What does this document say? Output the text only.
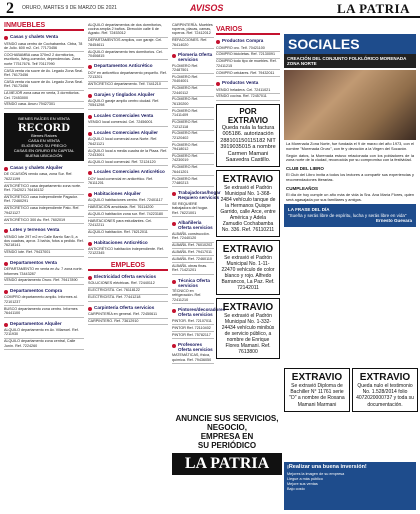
2 ORURO, MARTES 9 DE MARZO DE 2021	AVISOS	LA PATRIA
INMUEBLES
Casas y chalets Venta
VENDO casa centro de Cochabamba. Cbba, 78 de Julio. 600 m2. Cel. 77173456
COCHABAMBA casa 370m2 2 dormitorios, escritorio, living-comedor, dependencias. Zona norte 77517676. Telf 70117990
CASA venta vía sucre de Av. Legado Zona Seal. Ref. 76173456
CASA venta vía sucre de Av. Legado Zona Seal. Ref. 76173456
LA MEJOR zona casa en venta, 3 dormitorios. Cel. 72453000
VENDO casa. Anuru 79427301
BIENES RAÍCES EN VENTA
RECORD
Bienes Raíces
CASA EN VENTA
ELIGIENDO SU PRECIO
CASAS EN ORURO EN CAPITAL
BUENA UBICACIÓN
Casas y chalets Alquiler
DE OCASIÓN vendo casa, zona Sur. Ref. 76221199
ANTICRÉTICO casa departamento zona norte. Ref. 7342021 76416132
ANTICRETICO casa independiente Pagador. Ref. 72460291
ANTICRETICO casa independiente Pato. Ref. 79421127
ANTICRÉTICO 300 Av. Ref. 7602019
Lotes y terrenos Venta
VENDO lote 297 m2 en Calle Barrio San 5, a dos cuadras, aprox. 3 bahía, fotos a pedido. Ref. 76218141
VENDO lote. Ref. 79437001
Departamentos Venta
DEPARTAMENTO en venta en Av. 7 zona norte. Informes 73443287
VENDO departamento Oruro. Ref. 79417890
Departamentos Compra
COMPRO departamento amplio. Informes al. 72101237
BUSCO departamento zona centro. Informes 76441100
Departamentos Alquiler
ALQUILO departamento en Av. Villarroel. Ref. 7211930
ALQUILO departamento zona central, Calle Junín. Ref. 7224260
ALQUILO departamentos de dos dormitorios, cocina amplia 2 baños. Dirección calle 6 de Agosto. Ref. 72453012
DEPARTAMENTOS amplios, con garaje. Cel. 78454611
ALQUILO departamento tres dormitorios. Cel. 70406815
Departamentos Anticrético
DOY en anticrético departamento pequeño. Ref. 7213201
ANTICRETICO departamento. Telf. 7441210
Garajes y tinglados Alquiler
ALQUILO garaje amplio centro ciudad. Ref. 70541298
Locales Comerciales Venta
VENDO local comercial. Cel. 72456001
Locales Comerciales Alquiler
ALQUILO local comercial zona Norte. Ref. 76421121
ALQUILO local a media cuadra de la Plaza. Ref. 72433001
ALQUILO local comercial. Ref. 72124120
Locales Comerciales Anticrético
DOY local comercial en anticrético. Ref. 76111201
Habitaciones Alquiler
ALQUILO habitaciones centro. Ref. 72401117
HABITACIÓN amoblada. Ref. 76114200
ALQUILO habitación zona sur. Ref. 74223180
HABITACIONES para estudiantes. Cel. 72412211
ALQUILO habitación. Ref. 76212011
Habitaciones Anticrético
ANTICRÉTICO habitación independiente. Ref. 72122345
EMPLEOS
Electricidad Oferta servicios
SOLUCIONES eléctricas. Ref. 72440112
ELECTRICISTA. Cel. 76118122
ELECTRICISTA. Ref. 77441218
Carpintería Oferta servicios
CARPINTERÍA en general. Ref. 72450611
CARPINTERO. Ref. 73612910
CARPINTERÍA. Muebles roperos, placas, camas, roperos. Ref. 72412012
REFACCIONES. Ref. 76414020
Plomería Oferta servicios
PLOMERO Ref. 72487501
PLOMERO Ref. 70404001
PLOMERO Ref. 72440112
PLOMERO Ref. 76130200
PLOMERO Ref. 71411409
PLOMERO Ref. 71212118
PLOMERO Ref. 72120402
PLOMERO Ref. 79418012
PLOMERO Ref. 74230019
PLOMERO Ref. 76441201
PLOMERO Ref. 77480213
Trabajadoras/hogar Requiero servicios
SE REQUIERE trabajadora del hogar. Ref. 76221001
Albañilería Oferta servicios
ALBAÑIL construcción. Ref. 72440120
ALBAÑIL Ref. 76010202
ALBAÑIL Ref. 79417011
ALBAÑIL Ref. 72460110
ALBAÑIL obras finas. Ref. 71421201
Técnica Oferta servicios
TÉCNICO en refrigeración. Ref. 72411210
Pintores/decoradores Oferta servicios
PINTOR. Ref. 72107011
PINTOR Ref. 72110402
PINTOR Ref. 75782117
Profesores Oferta servicios
MATEMÁTICAS, física, química. Ref. 79436050
VARIOS
Productos Compra
COMPRO oro. Telf. 70421100
COMPRO bicicletas. Ref. 72130091
COMPRO todo tipo de muebles. Ref. 72411215
COMPRO celulares. Ref. 79432011
Productos Venta
VENDO heladera. Cel. 72411021
VENDO cocina. Ref. 72457011
POR EXTRAVIO
Queda nula la factura 005186. autorización 288101150115182 NIT 3919035015 a nombre Carmen Mamani Saavedra Castillo.
EXTRAVIO
Se extravió el Padrón Municipal No. 1-368-2484 vehículo tanque de la Hermanos Quispe Garrido, calle Arce, entre América y Adela Zamudio Cochabamba No. 336. Ref. 76110211
EXTRAVIO
Se extravió el Padrón Municipal No. 1-11-22470 vehículo de color blanco y rojo. Alfredo Barrancos, La Paz. Ref. 72142011
EXTRAVIO
Se extravió el Padrón Municipal No. 1-332-24434 vehículo minibús de servicio público, a nombre de Enrique Flores Mamani. Ref. 7613800
ANUNCIE SUS SERVICIOS,
NEGOCIO,
EMPRESA EN
SU PERIÓDICO
LA PATRIA
SOCIALES
CREACIÓN DEL CONJUNTO FOLKLÓRICO MORENADA ZONA NORTE

La Morenada Zona Norte, fue fundada el 9 de marzo del año 1973, con el nombre "Morenada Oruro", con fe y devoción a la Virgen del Socavón.

Según datos, la Morenada estuvo relacionada con los pobladores de la zona norte de la ciudad, reconocida por su compromiso con la festividad.

CLUB DEL LIBRO

El Club del Libro invita a todos los lectores a compartir sus experiencias y recomendaciones literarias.

CUMPLEAÑOS

El día de hoy cumple un año más de vida la Sra. Ana María Flores, quien será agasajada por sus familiares y amigos.

LA FRASE DEL DÍA
"Sueña y serás libre de espíritu, lucha y serás libre en vida"
Ernesto Guevara
EXTRAVIO
Se extravió Diploma de Bachiller N° 11761 serie "D" a nombre de Roxana Mamani Marmani
EXTRAVIO
Queda nulo el testimonio No. 1.528/2014 folio 4072020000737 y toda su documentación.
¡Realizar una buena inversión!
Mejores la imagen de su empresa
Llegue a más público
Mejore sus ventas
Bajo costo
